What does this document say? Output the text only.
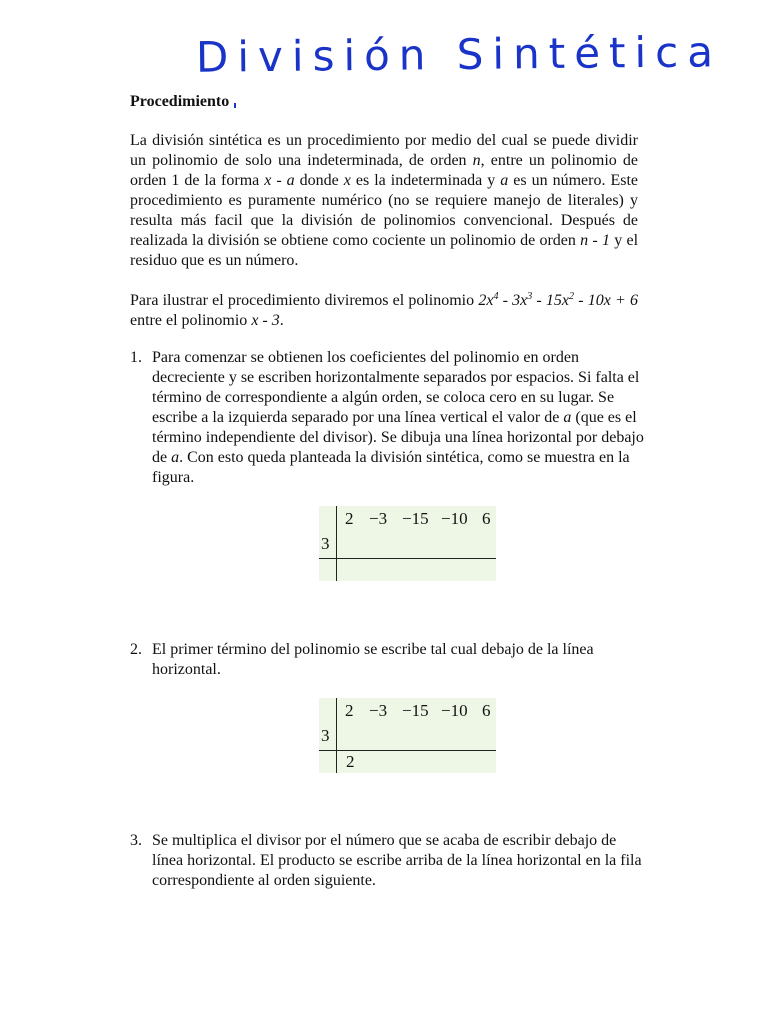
División Sintética
Procedimiento

La división sintética es un procedimiento por medio del cual se puede dividir un polinomio de solo una indeterminada, de orden n, entre un polinomio de orden 1 de la forma x - a donde x es la indeterminada y a es un número. Este procedimiento es puramente numérico (no se requiere manejo de literales) y resulta más facil que la división de polinomios convencional. Después de realizada la división se obtiene como cociente un polinomio de orden n - 1 y el residuo que es un número.

Para ilustrar el procedimiento diviremos el polinomio $2x^4 - 3x^3 - 15x^2 - 10x + 6$ entre el polinomio x - 3.

1. Para comenzar se obtienen los coeficientes del polinomio en orden decreciente y se escriben horizontalmente separados por espacios. Si falta el término de correspondiente a algún orden, se coloca cero en su lugar. Se escribe a la izquierda separado por una línea vertical el valor de a (que es el término independiente del divisor). Se dibuja una línea horizontal por debajo de a. Con esto queda planteada la división sintética, como se muestra en la figura.
2 −3 −15 −10 6
3
2. El primer término del polinomio se escribe tal cual debajo de la línea horizontal.
2 −3 −15 −10 6
3
2
3. Se multiplica el divisor por el número que se acaba de escribir debajo de línea horizontal. El producto se escribe arriba de la línea horizontal en la fila correspondiente al orden siguiente.
